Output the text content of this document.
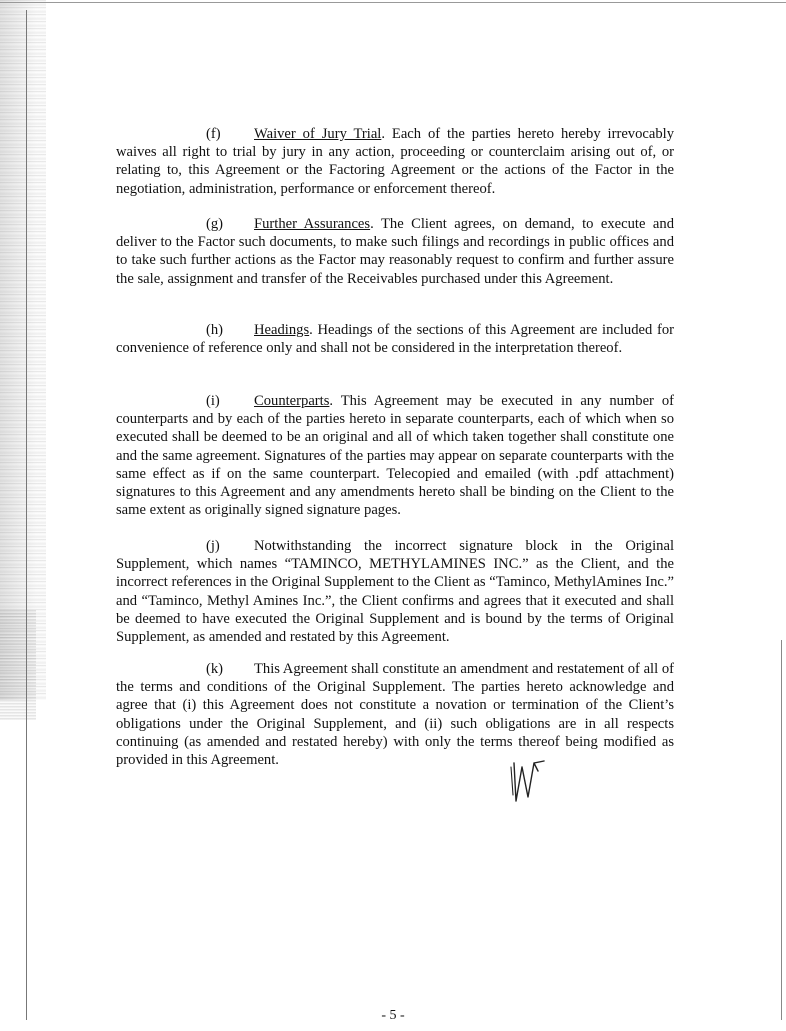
(f) Waiver of Jury Trial. Each of the parties hereto hereby irrevocably waives all right to trial by jury in any action, proceeding or counterclaim arising out of, or relating to, this Agreement or the Factoring Agreement or the actions of the Factor in the negotiation, administration, performance or enforcement thereof.

(g) Further Assurances. The Client agrees, on demand, to execute and deliver to the Factor such documents, to make such filings and recordings in public offices and to take such further actions as the Factor may reasonably request to confirm and further assure the sale, assignment and transfer of the Receivables purchased under this Agreement.

(h) Headings. Headings of the sections of this Agreement are included for convenience of reference only and shall not be considered in the interpretation thereof.

(i) Counterparts. This Agreement may be executed in any number of counterparts and by each of the parties hereto in separate counterparts, each of which when so executed shall be deemed to be an original and all of which taken together shall constitute one and the same agreement. Signatures of the parties may appear on separate counterparts with the same effect as if on the same counterpart. Telecopied and emailed (with .pdf attachment) signatures to this Agreement and any amendments hereto shall be binding on the Client to the same extent as originally signed signature pages.

(j) Notwithstanding the incorrect signature block in the Original Supplement, which names “TAMINCO, METHYLAMINES INC.” as the Client, and the incorrect references in the Original Supplement to the Client as “Taminco, MethylAmines Inc.” and “Taminco, Methyl Amines Inc.”, the Client confirms and agrees that it executed and shall be deemed to have executed the Original Supplement and is bound by the terms of Original Supplement, as amended and restated by this Agreement.

(k) This Agreement shall constitute an amendment and restatement of all of the terms and conditions of the Original Supplement. The parties hereto acknowledge and agree that (i) this Agreement does not constitute a novation or termination of the Client’s obligations under the Original Supplement, and (ii) such obligations are in all respects continuing (as amended and restated hereby) with only the terms thereof being modified as provided in this Agreement.

- 5 -
